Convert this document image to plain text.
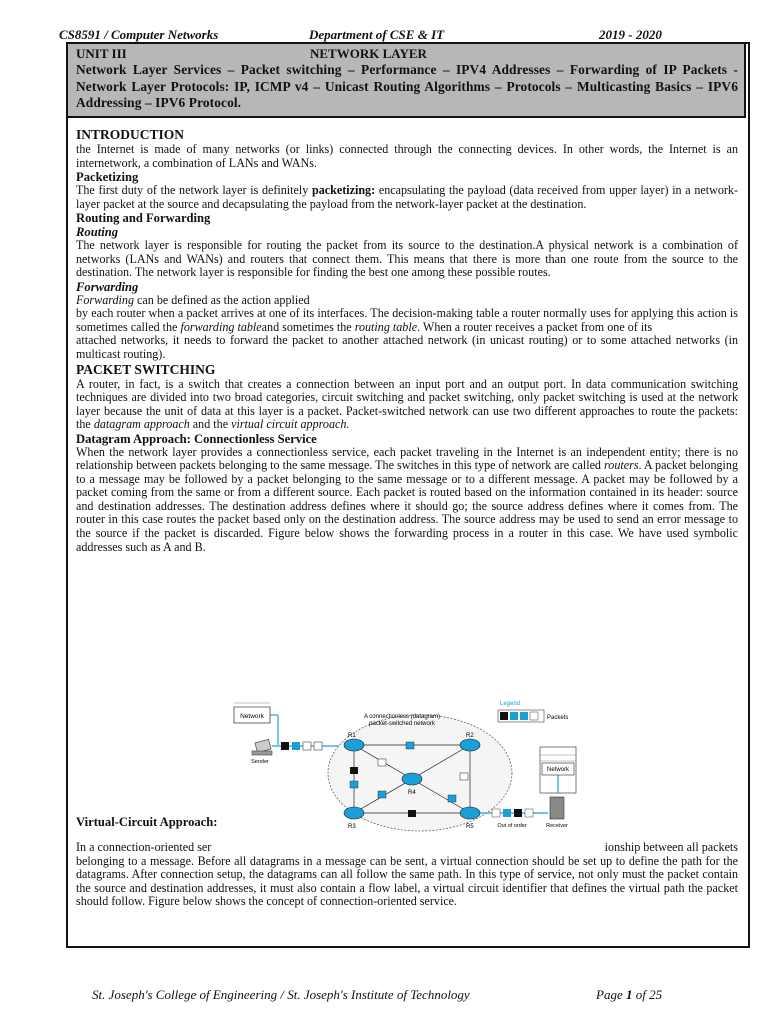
CS8591 / Computer Networks	Department of CSE & IT	2019 - 2020
UNIT III	NETWORK LAYER
Network Layer Services – Packet switching – Performance – IPV4 Addresses – Forwarding of IP Packets - Network Layer Protocols: IP, ICMP v4 – Unicast Routing Algorithms – Protocols – Multicasting Basics – IPV6 Addressing – IPV6 Protocol.

INTRODUCTION

the Internet is made of many networks (or links) connected through the connecting devices. In other words, the Internet is an internetwork, a combination of LANs and WANs.

Packetizing

The first duty of the network layer is definitely packetizing: encapsulating the payload (data received from upper layer) in a network-layer packet at the source and decapsulating the payload from the network-layer packet at the destination.

Routing and Forwarding

Routing

The network layer is responsible for routing the packet from its source to the destination.A physical network is a combination of networks (LANs and WANs) and routers that connect them. This means that there is more than one route from the source to the destination. The network layer is responsible for finding the best one among these possible routes.

Forwarding

Forwarding can be defined as the action applied

by each router when a packet arrives at one of its interfaces. The decision-making table a router normally uses for applying this action is sometimes called the forwarding tableand sometimes the routing table. When a router receives a packet from one of its

attached networks, it needs to forward the packet to another attached network (in unicast routing) or to some attached networks (in multicast routing).

PACKET SWITCHING

A router, in fact, is a switch that creates a connection between an input port and an output port. In data communication switching techniques are divided into two broad categories, circuit switching and packet switching, only packet switching is used at the network layer because the unit of data at this layer is a packet. Packet-switched network can use two different approaches to route the packets: the datagram approach and the virtual circuit approach.

Datagram Approach: Connectionless Service

When the network layer provides a connectionless service, each packet traveling in the Internet is an independent entity; there is no relationship between packets belonging to the same message. The switches in this type of network are called routers. A packet belonging to a message may be followed by a packet belonging to the same message or to a different message. A packet may be followed by a packet coming from the same or from a different source. Each packet is routed based on the information contained in its header: source and destination addresses. The destination address defines where it should go; the source address defines where it comes from. The router in this case routes the packet based only on the destination address. The source address may be used to send an error message to the source if the packet is discarded. Figure below shows the forwarding process in a router in this case. We have used symbolic addresses such as A and B.

Virtual-Circuit Approach:

In a connection-oriented ser	ionship between all packets

belonging to a message. Before all datagrams in a message can be sent, a virtual connection should be set up to define the path for the datagrams. After connection setup, the datagrams can all follow the same path. In this type of service, not only must the packet contain the source and destination addresses, it must also contain a flow label, a virtual circuit identifier that defines the virtual path the packet should follow. Figure below shows the concept of connection-oriented service.

Network
Sender
A connectionless (datagram)
packet-switched network
R1	R2
R3
R4
R5
Legend
Packets
Network
Receiver
Out of order
St. Joseph's College of Engineering / St. Joseph's Institute of Technology	Page 1 of 25
